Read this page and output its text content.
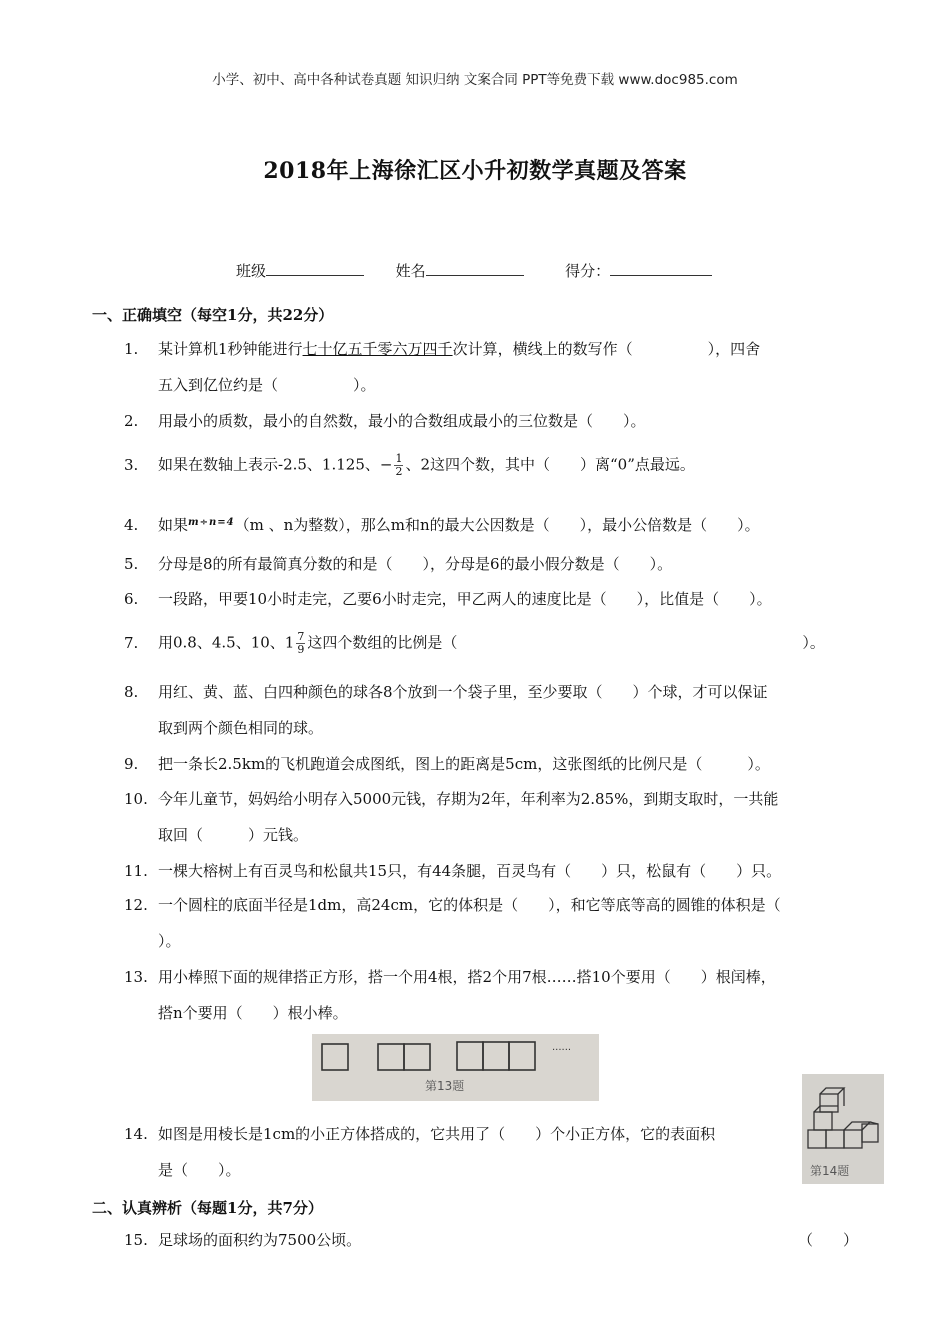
小学、初中、高中各种试卷真题 知识归纳 文案合同 PPT等免费下载 www.doc985.com
2018年上海徐汇区小升初数学真题及答案
班级	姓名	得分：
一、正确填空（每空1分，共22分）
1. 某计算机1秒钟能进行七十亿五千零六万四千次计算，横线上的数写作（　　　　　），四舍
五入到亿位约是（　　　　　）。
2. 用最小的质数，最小的自然数，最小的合数组成最小的三位数是（　　）。
3. 如果在数轴上表示-2.5、1.125、− $\frac{1}{2}$ 、2这四个数，其中（　　）离“0”点最远。
4. 如果$^{m\div n=4}$（m 、n为整数），那么m和n的最大公因数是（　　），最小公倍数是（　　）。
5. 分母是8的所有最简真分数的和是（　　），分母是6的最小假分数是（　　）。
6. 一段路，甲要10小时走完，乙要6小时走完，甲乙两人的速度比是（　　），比值是（　　）。
7. 用0.8、4.5、10、$1 \frac{7}{9}$ 这四个数组的比例是（　　　　　　　　　　　　　　　　　　　　　　　）。
8. 用红、黄、蓝、白四种颜色的球各8个放到一个袋子里，至少要取（　　）个球，才可以保证
取到两个颜色相同的球。
9. 把一条长2.5km的飞机跑道会成图纸，图上的距离是5cm，这张图纸的比例尺是（　　　）。
10. 今年儿童节，妈妈给小明存入5000元钱，存期为2年，年利率为2.85%，到期支取时，一共能
取回（　　　）元钱。
11. 一棵大榕树上有百灵鸟和松鼠共15只，有44条腿，百灵鸟有（　　）只，松鼠有（　　）只。
12. 一个圆柱的底面半径是1dm，高24cm，它的体积是（　　），和它等底等高的圆锥的体积是（
）。
13. 用小棒照下面的规律搭正方形，搭一个用4根，搭2个用7根……搭10个要用（　　）根闰棒，
搭n个要用（　　）根小棒。
......
第13题
14. 如图是用棱长是1cm的小正方体搭成的，它共用了（　　）个小正方体，它的表面积
是（　　）。	第14题
二、认真辨析（每题1分，共7分）
15. 足球场的面积约为7500公顷。	（　　）
